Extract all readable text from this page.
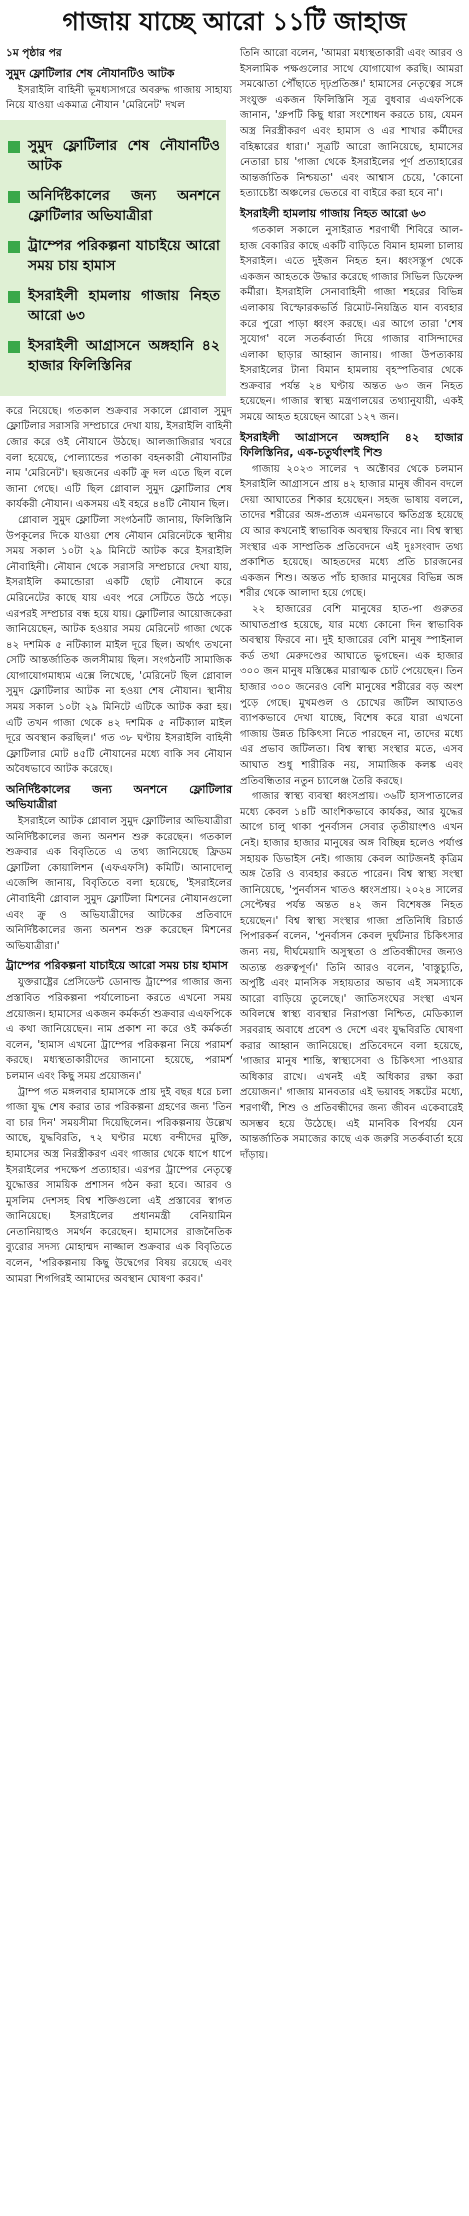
গাজায় যাচ্ছে আরো ১১টি জাহাজ
১ম পৃষ্ঠার পর
সুমুদ ফ্লোটিলার শেষ নৌযানটিও আটক

ইসরাইলি বাহিনী ভূমধ্যসাগরে অবরুদ্ধ গাজায় সাহায্য নিয়ে যাওয়া একমাত্র নৌযান 'মেরিনেট' দখল

সুমুদ ফ্লোটিলার শেষ নৌযানটিও আটক
অনির্দিষ্টকালের জন্য অনশনে ফ্লোটিলার অভিযাত্রীরা
ট্রাম্পের পরিকল্পনা যাচাইয়ে আরো সময় চায় হামাস
ইসরাইলী হামলায় গাজায় নিহত আরো ৬৩
ইসরাইলী আগ্রাসনে অঙ্গহানি ৪২ হাজার ফিলিস্তিনির

করে নিয়েছে। গতকাল শুক্রবার সকালে গ্লোবাল সুমুদ ফ্লোটিলার সরাসরি সম্প্রচারে দেখা যায়, ইসরাইলি বাহিনী জোর করে ওই নৌযানে উঠছে। আলজাজিরার খবরে বলা হয়েছে, পোল্যান্ডের পতাকা বহনকারী নৌযানটির নাম 'মেরিনেট'। ছয়জনের একটি ক্রু দল এতে ছিল বলে জানা গেছে। এটি ছিল গ্লোবাল সুমুদ ফ্লোটিলার শেষ কার্যকরী নৌযান। একসময় এই বহরে ৪৪টি নৌযান ছিল।

গ্লোবাল সুমুদ ফ্লোটিলা সংগঠনটি জানায়, ফিলিস্তিনি উপকূলের দিকে যাওয়া শেষ নৌযান মেরিনেটকে স্থানীয় সময় সকাল ১০টা ২৯ মিনিটে আটক করে ইসরাইলি নৌবাহিনী। নৌযান থেকে সরাসরি সম্প্রচারে দেখা যায়, ইসরাইলি কমান্ডোরা একটি ছোট নৌযানে করে মেরিনেটের কাছে যায় এবং পরে সেটিতে উঠে পড়ে। এরপরই সম্প্রচার বন্ধ হয়ে যায়। ফ্লোটিলার আয়োজকেরা জানিয়েছেন, আটক হওয়ার সময় মেরিনেট গাজা থেকে ৪২ দশমিক ৫ নটিক্যাল মাইল দূরে ছিল। অর্থাৎ তখনো সেটি আন্তর্জাতিক জলসীমায় ছিল। সংগঠনটি সামাজিক যোগাযোগমাধ্যম এক্সে লিখেছে, 'মেরিনেট ছিল গ্লোবাল সুমুদ ফ্লোটিলার আটক না হওয়া শেষ নৌযান। স্থানীয় সময় সকাল ১০টা ২৯ মিনিটে এটিকে আটক করা হয়। এটি তখন গাজা থেকে ৪২ দশমিক ৫ নটিক্যাল মাইল দূরে অবস্থান করছিল।' গত ৩৮ ঘণ্টায় ইসরাইলি বাহিনী ফ্লোটিলার মোট ৪৫টি নৌযানের মধ্যে বাকি সব নৌযান অবৈধভাবে আটক করেছে।

অনির্দিষ্টকালের জন্য অনশনে ফ্লোটিলার অভিযাত্রীরা

ইসরাইলে আটক গ্লোবাল সুমুদ ফ্লোটিলার অভিযাত্রীরা অনির্দিষ্টকালের জন্য অনশন শুরু করেছেন। গতকাল শুক্রবার এক বিবৃতিতে এ তথ্য জানিয়েছে ফ্রিডম ফ্লোটিলা কোয়ালিশন (এফএফসি) কমিটি। আনাদোলু এজেন্সি জানায়, বিবৃতিতে বলা হয়েছে, 'ইসরাইলের নৌবাহিনী গ্লোবাল সুমুদ ফ্লোটিলা মিশনের নৌযানগুলো এবং ক্রু ও অভিযাত্রীদের আটকের প্রতিবাদে অনির্দিষ্টকালের জন্য অনশন শুরু করেছেন মিশনের অভিযাত্রীরা।'

ট্রাম্পের পরিকল্পনা যাচাইয়ে আরো সময় চায় হামাস

যুক্তরাষ্ট্রের প্রেসিডেন্ট ডোনাল্ড ট্রাম্পের গাজার জন্য প্রস্তাবিত পরিকল্পনা পর্যালোচনা করতে এখনো সময় প্রয়োজন। হামাসের একজন কর্মকর্তা শুক্রবার এএফপিকে এ কথা জানিয়েছেন। নাম প্রকাশ না করে ওই কর্মকর্তা বলেন, 'হামাস এখনো ট্রাম্পের পরিকল্পনা নিয়ে পরামর্শ করছে। মধ্যস্থতাকারীদের জানানো হয়েছে, পরামর্শ চলমান এবং কিছু সময় প্রয়োজন।'

ট্রাম্প গত মঙ্গলবার হামাসকে প্রায় দুই বছর ধরে চলা গাজা যুদ্ধ শেষ করার তার পরিকল্পনা গ্রহণের জন্য 'তিন বা চার দিন' সময়সীমা দিয়েছিলেন। পরিকল্পনায় উল্লেখ আছে, যুদ্ধবিরতি, ৭২ ঘণ্টার মধ্যে বন্দীদের মুক্তি, হামাসের অস্ত্র নিরস্ত্রীকরণ এবং গাজার থেকে ধাপে ধাপে ইসরাইলের পদক্ষেপ প্রত্যাহার। এরপর ট্রাম্পের নেতৃত্বে যুদ্ধোত্তর সাময়িক প্রশাসন গঠন করা হবে। আরব ও মুসলিম দেশসহ বিশ্ব শক্তিগুলো এই প্রস্তাবের স্বাগত জানিয়েছে। ইসরাইলের প্রধানমন্ত্রী বেনিয়ামিন নেতানিয়াহুও সমর্থন করেছেন। হামাসের রাজনৈতিক ব্যুরোর সদস্য মোহাম্মদ নাজ্জাল শুক্রবার এক বিবৃতিতে বলেন, 'পরিকল্পনায় কিছু উদ্বেগের বিষয় রয়েছে এবং আমরা শিগগিরই আমাদের অবস্থান ঘোষণা করব।'

তিনি আরো বলেন, 'আমরা মধ্যস্থতাকারী এবং আরব ও ইসলামিক পক্ষগুলোর সাথে যোগাযোগ করছি। আমরা সমঝোতা পৌঁছাতে দৃঢ়প্রতিজ্ঞ।' হামাসের নেতৃত্বের সঙ্গে সংযুক্ত একজন ফিলিস্তিনি সূত্র বুধবার এএফপিকে জানান, 'গ্রুপটি কিছু ধারা সংশোধন করতে চায়, যেমন অস্ত্র নিরস্ত্রীকরণ এবং হামাস ও এর শাখার কর্মীদের বহিষ্কারের ধারা।' সূত্রটি আরো জানিয়েছে, হামাসের নেতারা চায় 'গাজা থেকে ইসরাইলের পূর্ণ প্রত্যাহারের আন্তর্জাতিক নিশ্চয়তা' এবং আশ্বাস চেয়ে, 'কোনো হত্যাচেষ্টা অঞ্চলের ভেতরে বা বাইরে করা হবে না'।

ইসরাইলী হামলায় গাজায় নিহত আরো ৬৩

গতকাল সকালে নুসাইরাত শরণার্থী শিবিরে আল-হাজ বেকারির কাছে একটি বাড়িতে বিমান হামলা চালায় ইসরাইল। এতে দুইজন নিহত হন। ধ্বংসস্তূপ থেকে একজন আহতকে উদ্ধার করেছে গাজার সিভিল ডিফেন্স কর্মীরা। ইসরাইলি সেনাবাহিনী গাজা শহরের বিভিন্ন এলাকায় বিস্ফোরকভর্তি রিমোট-নিয়ন্ত্রিত যান ব্যবহার করে পুরো পাড়া ধ্বংস করছে। এর আগে তারা 'শেষ সুযোগ' বলে সতর্কবার্তা দিয়ে গাজার বাসিন্দাদের এলাকা ছাড়ার আহ্বান জানায়। গাজা উপত্যকায় ইসরাইলের টানা বিমান হামলায় বৃহস্পতিবার থেকে শুক্রবার পর্যন্ত ২৪ ঘণ্টায় অন্তত ৬৩ জন নিহত হয়েছেন। গাজার স্বাস্থ্য মন্ত্রণালয়ের তথ্যানুযায়ী, একই সময়ে আহত হয়েছেন আরো ১২৭ জন।

ইসরাইলী আগ্রাসনে অঙ্গহানি ৪২ হাজার ফিলিস্তিনির, এক-চতুর্থাংশই শিশু

গাজায় ২০২৩ সালের ৭ অক্টোবর থেকে চলমান ইসরাইলি আগ্রাসনে প্রায় ৪২ হাজার মানুষ জীবন বদলে দেয়া আঘাতের শিকার হয়েছেন। সহজ ভাষায় বললে, তাদের শরীরের অঙ্গ-প্রত্যঙ্গ এমনভাবে ক্ষতিগ্রস্ত হয়েছে যে আর কখনোই স্বাভাবিক অবস্থায় ফিরবে না। বিশ্ব স্বাস্থ্য সংস্থার এক সাম্প্রতিক প্রতিবেদনে এই দুঃসংবাদ তথ্য প্রকাশিত হয়েছে। আহতদের মধ্যে প্রতি চারজনের একজন শিশু। অন্তত পাঁচ হাজার মানুষের বিভিন্ন অঙ্গ শরীর থেকে আলাদা হয়ে গেছে।

২২ হাজারের বেশি মানুষের হাত-পা গুরুতর আঘাতপ্রাপ্ত হয়েছে, যার মধ্যে কোনো দিন স্বাভাবিক অবস্থায় ফিরবে না। দুই হাজারের বেশি মানুষ স্পাইনাল কর্ড তথা মেরুদণ্ডের আঘাতে ভুগছেন। এক হাজার ৩০০ জন মানুষ মস্তিষ্কের মারাত্মক চোট পেয়েছেন। তিন হাজার ৩০০ জনেরও বেশি মানুষের শরীরের বড় অংশ পুড়ে গেছে। মুখমণ্ডল ও চোখের জটিল আঘাতও ব্যাপকভাবে দেখা যাচ্ছে, বিশেষ করে যারা এখনো গাজায় উন্নত চিকিৎসা নিতে পারছেন না, তাদের মধ্যে এর প্রভাব জটিলতা। বিশ্ব স্বাস্থ্য সংস্থার মতে, এসব আঘাত শুধু শারীরিক নয়, সামাজিক কলঙ্ক এবং প্রতিবন্ধিতার নতুন চ্যালেঞ্জ তৈরি করছে।

গাজার স্বাস্থ্য ব্যবস্থা ধ্বংসপ্রায়। ৩৬টি হাসপাতালের মধ্যে কেবল ১৪টি আংশিকভাবে কার্যকর, আর যুদ্ধের আগে চালু থাকা পুনর্বাসন সেবার তৃতীয়াংশও এখন নেই। হাজার হাজার মানুষের অঙ্গ বিচ্ছিন্ন হলেও পর্যাপ্ত সহায়ক ডিভাইস নেই। গাজায় কেবল আটজনই কৃত্রিম অঙ্গ তৈরি ও ব্যবহার করতে পারেন। বিশ্ব স্বাস্থ্য সংস্থা জানিয়েছে, 'পুনর্বাসন খাতও ধ্বংসপ্রায়। ২০২৪ সালের সেপ্টেম্বর পর্যন্ত অন্তত ৪২ জন বিশেষজ্ঞ নিহত হয়েছেন।' বিশ্ব স্বাস্থ্য সংস্থার গাজা প্রতিনিধি রিচার্ড পিপারকর্ন বলেন, 'পুনর্বাসন কেবল দুর্ঘটনার চিকিৎসার জন্য নয়, দীর্ঘমেয়াদি অসুস্থতা ও প্রতিবন্ধীদের জন্যও অত্যন্ত গুরুত্বপূর্ণ।' তিনি আরও বলেন, 'বাস্তুচ্যুতি, অপুষ্টি এবং মানসিক সহায়তার অভাব এই সমস্যাকে আরো বাড়িয়ে তুলেছে।' জাতিসংঘের সংস্থা এখন অবিলম্বে স্বাস্থ্য ব্যবস্থার নিরাপত্তা নিশ্চিত, মেডিক্যাল সরবরাহ অবাধে প্রবেশ ও দেশে এবং যুদ্ধবিরতি ঘোষণা করার আহ্বান জানিয়েছে। প্রতিবেদনে বলা হয়েছে, 'গাজার মানুষ শান্তি, স্বাস্থ্যসেবা ও চিকিৎসা পাওয়ার অধিকার রাখে। এখনই এই অধিকার রক্ষা করা প্রয়োজন।' গাজায় মানবতার এই ভয়াবহ সঙ্কটের মধ্যে, শরণার্থী, শিশু ও প্রতিবন্ধীদের জন্য জীবন একেবারেই অসম্ভব হয়ে উঠেছে। এই মানবিক বিপর্যয় যেন আন্তর্জাতিক সমাজের কাছে এক জরুরি সতর্কবার্তা হয়ে দাঁড়ায়।
